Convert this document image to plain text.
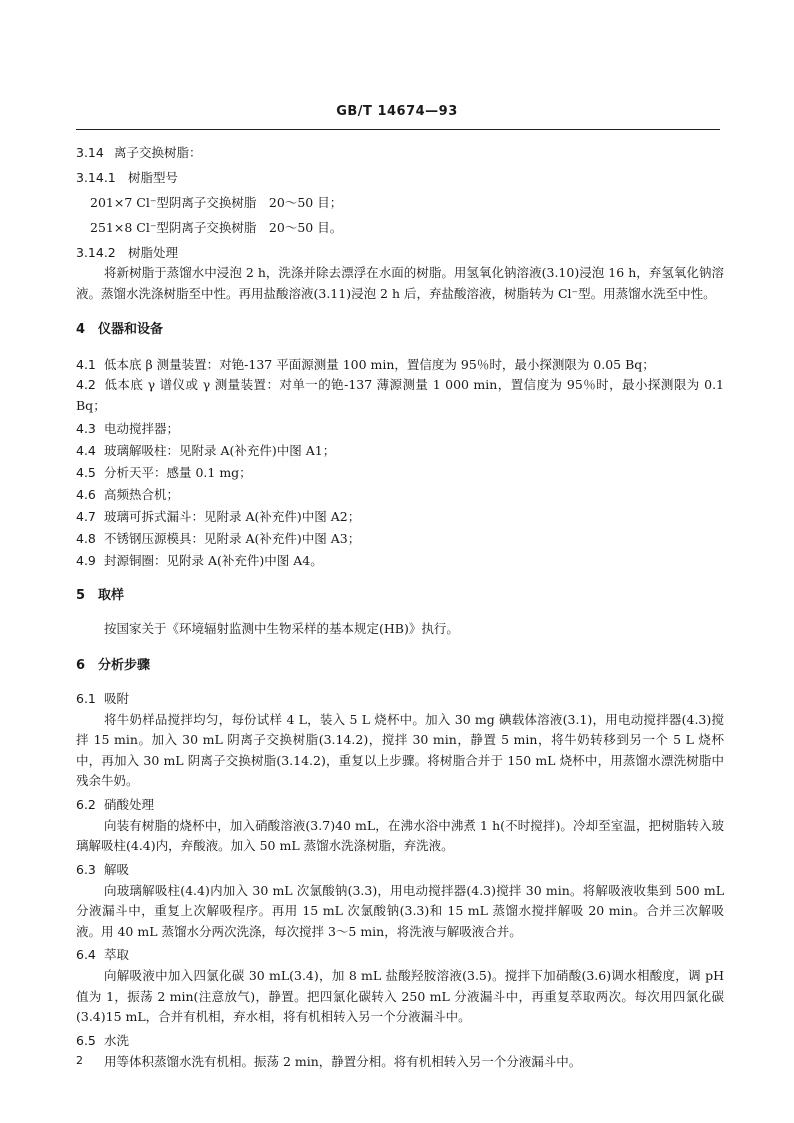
GB/T 14674—93

3.14 离子交换树脂：

3.14.1 树脂型号

201×7 Cl⁻型阴离子交换树脂　20～50 目；

251×8 Cl⁻型阴离子交换树脂　20～50 目。

3.14.2 树脂处理

将新树脂于蒸馏水中浸泡 2 h，洗涤并除去漂浮在水面的树脂。用氢氧化钠溶液(3.10)浸泡 16 h，弃氢氧化钠溶液。蒸馏水洗涤树脂至中性。再用盐酸溶液(3.11)浸泡 2 h 后，弃盐酸溶液，树脂转为 Cl⁻型。用蒸馏水洗至中性。

4　仪器和设备

4.1 低本底 β 测量装置：对铯-137 平面源测量 100 min，置信度为 95％时，最小探测限为 0.05 Bq；

4.2 低本底 γ 谱仪或 γ 测量装置：对单一的铯-137 薄源测量 1 000 min，置信度为 95％时，最小探测限为 0.1 Bq；

4.3 电动搅拌器；

4.4 玻璃解吸柱：见附录 A(补充件)中图 A1；

4.5 分析天平：感量 0.1 mg；

4.6 高频热合机；

4.7 玻璃可拆式漏斗：见附录 A(补充件)中图 A2；

4.8 不锈钢压源模具：见附录 A(补充件)中图 A3；

4.9 封源铜圈：见附录 A(补充件)中图 A4。

5　取样

按国家关于《环境辐射监测中生物采样的基本规定(HB)》执行。

6　分析步骤

6.1 吸附

将牛奶样品搅拌均匀，每份试样 4 L，装入 5 L 烧杯中。加入 30 mg 碘载体溶液(3.1)，用电动搅拌器(4.3)搅拌 15 min。加入 30 mL 阴离子交换树脂(3.14.2)，搅拌 30 min，静置 5 min，将牛奶转移到另一个 5 L 烧杯中，再加入 30 mL 阴离子交换树脂(3.14.2)，重复以上步骤。将树脂合并于 150 mL 烧杯中，用蒸馏水漂洗树脂中残余牛奶。

6.2 硝酸处理

向装有树脂的烧杯中，加入硝酸溶液(3.7)40 mL，在沸水浴中沸煮 1 h(不时搅拌)。冷却至室温，把树脂转入玻璃解吸柱(4.4)内，弃酸液。加入 50 mL 蒸馏水洗涤树脂，弃洗液。

6.3 解吸

向玻璃解吸柱(4.4)内加入 30 mL 次氯酸钠(3.3)，用电动搅拌器(4.3)搅拌 30 min。将解吸液收集到 500 mL 分液漏斗中，重复上次解吸程序。再用 15 mL 次氯酸钠(3.3)和 15 mL 蒸馏水搅拌解吸 20 min。合并三次解吸液。用 40 mL 蒸馏水分两次洗涤，每次搅拌 3～5 min，将洗液与解吸液合并。

6.4 萃取

向解吸液中加入四氯化碳 30 mL(3.4)，加 8 mL 盐酸羟胺溶液(3.5)。搅拌下加硝酸(3.6)调水相酸度，调 pH 值为 1，振荡 2 min(注意放气)，静置。把四氯化碳转入 250 mL 分液漏斗中，再重复萃取两次。每次用四氯化碳(3.4)15 mL，合并有机相，弃水相，将有机相转入另一个分液漏斗中。

6.5 水洗

用等体积蒸馏水洗有机相。振荡 2 min，静置分相。将有机相转入另一个分液漏斗中。

2
